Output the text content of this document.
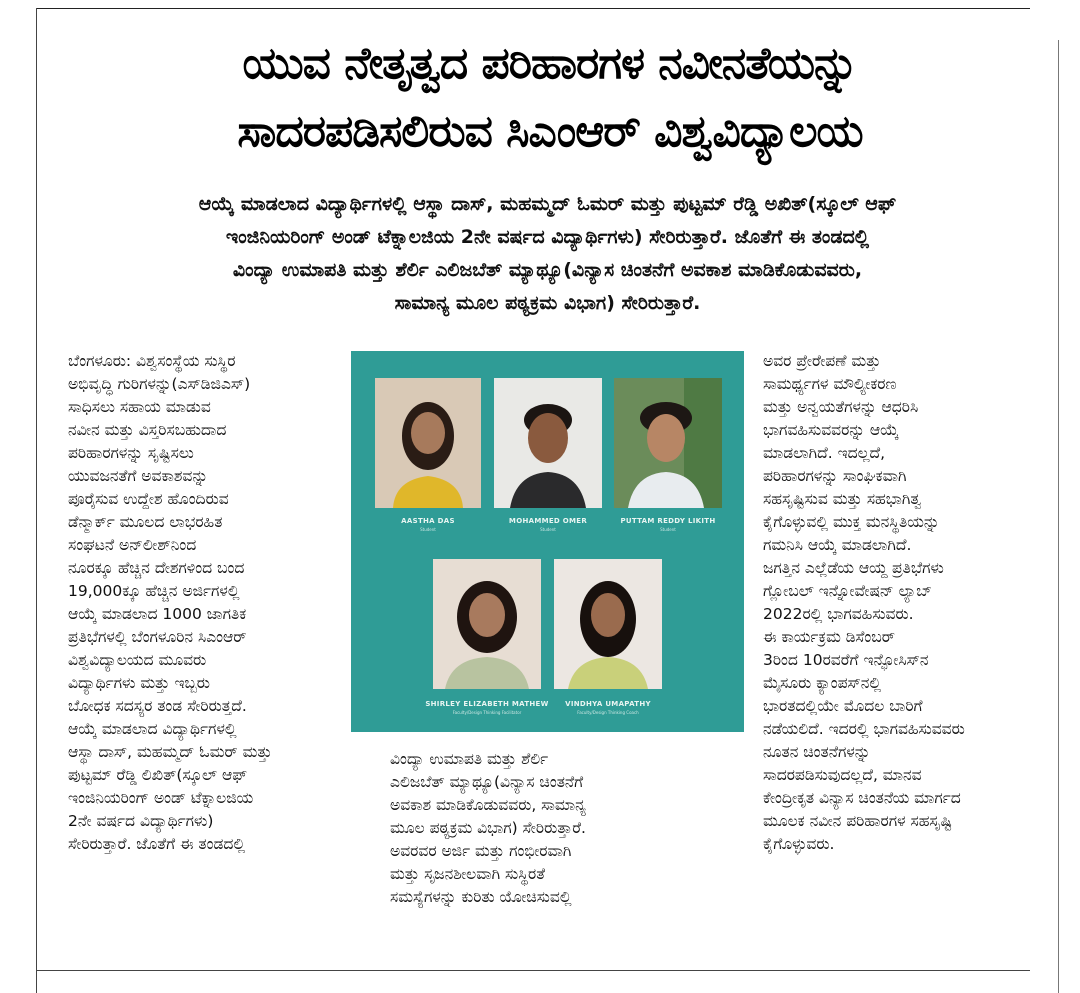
ಯುವ ನೇತೃತ್ವದ ಪರಿಹಾರಗಳ ನವೀನತೆಯನ್ನು
ಸಾದರಪಡಿಸಲಿರುವ ಸಿಎಂಆರ್ ವಿಶ್ವವಿದ್ಯಾಲಯ
ಆಯ್ಕೆ ಮಾಡಲಾದ ವಿದ್ಯಾರ್ಥಿಗಳಲ್ಲಿ ಆಸ್ಥಾ ದಾಸ್, ಮಹಮ್ಮದ್ ಓಮರ್ ಮತ್ತು ಪುಟ್ಟಮ್ ರೆಡ್ಡಿ ಅಖಿತ್(ಸ್ಕೂಲ್ ಆಫ್
ಇಂಜಿನಿಯರಿಂಗ್ ಅಂಡ್ ಟೆಕ್ನಾಲಜಿಯ 2ನೇ ವರ್ಷದ ವಿದ್ಯಾರ್ಥಿಗಳು) ಸೇರಿರುತ್ತಾರೆ. ಜೊತೆಗೆ ಈ ತಂಡದಲ್ಲಿ
ವಿಂದ್ಯಾ ಉಮಾಪತಿ ಮತ್ತು ಶೆರ್ಲಿ ಎಲಿಜಬೆತ್ ಮ್ಯಾಥ್ಯೂ(ವಿನ್ಯಾಸ ಚಿಂತನೆಗೆ ಅವಕಾಶ ಮಾಡಿಕೊಡುವವರು,
ಸಾಮಾನ್ಯ ಮೂಲ ಪಠ್ಯಕ್ರಮ ವಿಭಾಗ) ಸೇರಿರುತ್ತಾರೆ.
ಬೆಂಗಳೂರು: ವಿಶ್ವಸಂಸ್ಥೆಯ ಸುಸ್ಥಿರ
ಅಭಿವೃದ್ಧಿ ಗುರಿಗಳನ್ನು(ಎಸ್‌ಡಿಜಿಎಸ್)
ಸಾಧಿಸಲು ಸಹಾಯ ಮಾಡುವ
ನವೀನ ಮತ್ತು ವಿಸ್ತರಿಸಬಹುದಾದ
ಪರಿಹಾರಗಳನ್ನು ಸೃಷ್ಟಿಸಲು
ಯುವಜನತೆಗೆ ಅವಕಾಶವನ್ನು
ಪೂರೈಸುವ ಉದ್ದೇಶ ಹೊಂದಿರುವ
ಡೆನ್ಮಾರ್ಕ್ ಮೂಲದ ಲಾಭರಹಿತ
ಸಂಘಟನೆ ಅನ್‌ಲೀಶ್‌ನಿಂದ
ನೂರಕ್ಕೂ ಹೆಚ್ಚಿನ ದೇಶಗಳಿಂದ ಬಂದ
19,000ಕ್ಕೂ ಹೆಚ್ಚಿನ ಅರ್ಜಿಗಳಲ್ಲಿ
ಆಯ್ಕೆ ಮಾಡಲಾದ 1000 ಜಾಗತಿಕ
ಪ್ರತಿಭೆಗಳಲ್ಲಿ ಬೆಂಗಳೂರಿನ ಸಿಎಂಆರ್
ವಿಶ್ವವಿದ್ಯಾಲಯದ ಮೂವರು
ವಿದ್ಯಾರ್ಥಿಗಳು ಮತ್ತು ಇಬ್ಬರು
ಬೋಧಕ ಸದಸ್ಯರ ತಂಡ ಸೇರಿರುತ್ತದೆ.
ಆಯ್ಕೆ ಮಾಡಲಾದ ವಿದ್ಯಾರ್ಥಿಗಳಲ್ಲಿ
ಆಸ್ಥಾ ದಾಸ್, ಮಹಮ್ಮದ್ ಓಮರ್ ಮತ್ತು
ಪುಟ್ಟಮ್ ರೆಡ್ಡಿ ಲಿಖಿತ್(ಸ್ಕೂಲ್ ಆಫ್
ಇಂಜಿನಿಯರಿಂಗ್ ಅಂಡ್ ಟೆಕ್ನಾಲಜಿಯ
2ನೇ ವರ್ಷದ ವಿದ್ಯಾರ್ಥಿಗಳು)
ಸೇರಿರುತ್ತಾರೆ. ಜೊತೆಗೆ ಈ ತಂಡದಲ್ಲಿ
AASTHA DAS
Student
MOHAMMED OMER
Student
PUTTAM REDDY LIKITH
Student
SHIRLEY ELIZABETH MATHEW
Faculty/Design Thinking Facilitator
VINDHYA UMAPATHY
Faculty/Design Thinking Coach
ವಿಂದ್ಯಾ ಉಮಾಪತಿ ಮತ್ತು ಶೆರ್ಲಿ
ಎಲಿಜಬೆತ್ ಮ್ಯಾಥ್ಯೂ(ವಿನ್ಯಾಸ ಚಿಂತನೆಗೆ
ಅವಕಾಶ ಮಾಡಿಕೊಡುವವರು, ಸಾಮಾನ್ಯ
ಮೂಲ ಪಠ್ಯಕ್ರಮ ವಿಭಾಗ) ಸೇರಿರುತ್ತಾರೆ.
ಅವರವರ ಅರ್ಜಿ ಮತ್ತು ಗಂಭೀರವಾಗಿ
ಮತ್ತು ಸೃಜನಶೀಲವಾಗಿ ಸುಸ್ಥಿರತೆ
ಸಮಸ್ಯೆಗಳನ್ನು ಕುರಿತು ಯೋಚಿಸುವಲ್ಲಿ
ಅವರ ಪ್ರೇರೇಪಣೆ ಮತ್ತು
ಸಾಮರ್ಥ್ಯಗಳ ಮೌಲ್ಯೀಕರಣ
ಮತ್ತು ಅನ್ವಯತೆಗಳನ್ನು ಆಧರಿಸಿ
ಭಾಗವಹಿಸುವವರನ್ನು ಆಯ್ಕೆ
ಮಾಡಲಾಗಿದೆ. ಇದಲ್ಲದೆ,
ಪರಿಹಾರಗಳನ್ನು ಸಾಂಘಿಕವಾಗಿ
ಸಹಸೃಷ್ಟಿಸುವ ಮತ್ತು ಸಹಭಾಗಿತ್ವ
ಕೈಗೊಳ್ಳುವಲ್ಲಿ ಮುಕ್ತ ಮನಸ್ಥಿತಿಯನ್ನು
ಗಮನಿಸಿ ಆಯ್ಕೆ ಮಾಡಲಾಗಿದೆ.
ಜಗತ್ತಿನ ಎಲ್ಲೆಡೆಯ ಆಯ್ದ ಪ್ರತಿಭೆಗಳು
ಗ್ಲೋಬಲ್ ಇನ್ನೋವೇಷನ್ ಲ್ಯಾಬ್
2022ರಲ್ಲಿ ಭಾಗವಹಿಸುವರು.
ಈ ಕಾರ್ಯಕ್ರಮ ಡಿಸೆಂಬರ್
3ರಿಂದ 10ರವರೆಗೆ ಇನ್ಫೋಸಿಸ್‌ನ
ಮೈಸೂರು ಕ್ಯಾಂಪಸ್‌ನಲ್ಲಿ
ಭಾರತದಲ್ಲಿಯೇ ಮೊದಲ ಬಾರಿಗೆ
ನಡೆಯಲಿದೆ. ಇದರಲ್ಲಿ ಭಾಗವಹಿಸುವವರು
ನೂತನ ಚಿಂತನೆಗಳನ್ನು
ಸಾದರಪಡಿಸುವುದಲ್ಲದೆ, ಮಾನವ
ಕೇಂದ್ರೀಕೃತ ವಿನ್ಯಾಸ ಚಿಂತನೆಯ ಮಾರ್ಗದ
ಮೂಲಕ ನವೀನ ಪರಿಹಾರಗಳ ಸಹಸೃಷ್ಟಿ
ಕೈಗೊಳ್ಳುವರು.
